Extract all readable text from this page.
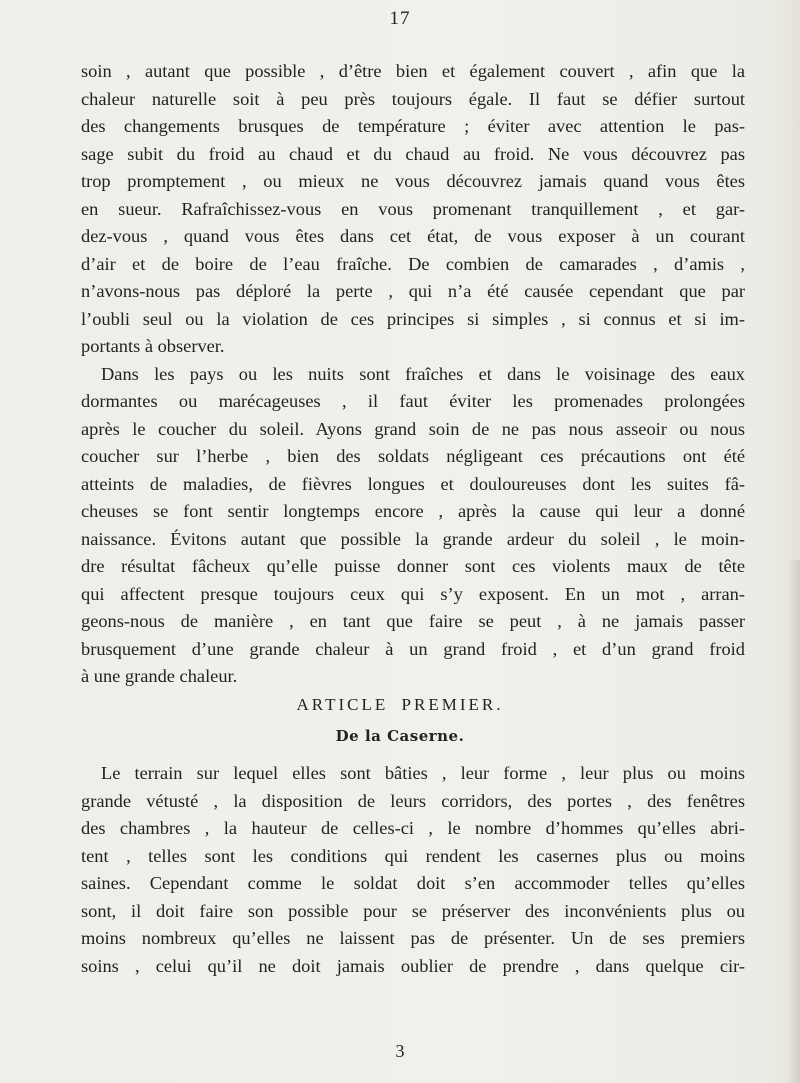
17
soin , autant que possible , d’être bien et également couvert , afin que la
chaleur naturelle soit à peu près toujours égale. Il faut se défier surtout
des changements brusques de température ; éviter avec attention le pas-
sage subit du froid au chaud et du chaud au froid. Ne vous découvrez pas
trop promptement , ou mieux ne vous découvrez jamais quand vous êtes
en sueur. Rafraîchissez-vous en vous promenant tranquillement , et gar-
dez-vous , quand vous êtes dans cet état, de vous exposer à un courant
d’air et de boire de l’eau fraîche. De combien de camarades , d’amis ,
n’avons-nous pas déploré la perte , qui n’a été causée cependant que par
l’oubli seul ou la violation de ces principes si simples , si connus et si im-
portants à observer.
Dans les pays ou les nuits sont fraîches et dans le voisinage des eaux
dormantes ou marécageuses , il faut éviter les promenades prolongées
après le coucher du soleil. Ayons grand soin de ne pas nous asseoir ou nous
coucher sur l’herbe , bien des soldats négligeant ces précautions ont été
atteints de maladies, de fièvres longues et douloureuses dont les suites fâ-
cheuses se font sentir longtemps encore , après la cause qui leur a donné
naissance. Évitons autant que possible la grande ardeur du soleil , le moin-
dre résultat fâcheux qu’elle puisse donner sont ces violents maux de tête
qui affectent presque toujours ceux qui s’y exposent. En un mot , arran-
geons-nous de manière , en tant que faire se peut , à ne jamais passer
brusquement d’une grande chaleur à un grand froid , et d’un grand froid
à une grande chaleur.
ARTICLE PREMIER.
De la Caserne.
Le terrain sur lequel elles sont bâties , leur forme , leur plus ou moins
grande vétusté , la disposition de leurs corridors, des portes , des fenêtres
des chambres , la hauteur de celles-ci , le nombre d’hommes qu’elles abri-
tent , telles sont les conditions qui rendent les casernes plus ou moins
saines. Cependant comme le soldat doit s’en accommoder telles qu’elles
sont, il doit faire son possible pour se préserver des inconvénients plus ou
moins nombreux qu’elles ne laissent pas de présenter. Un de ses premiers
soins , celui qu’il ne doit jamais oublier de prendre , dans quelque cir-
3
